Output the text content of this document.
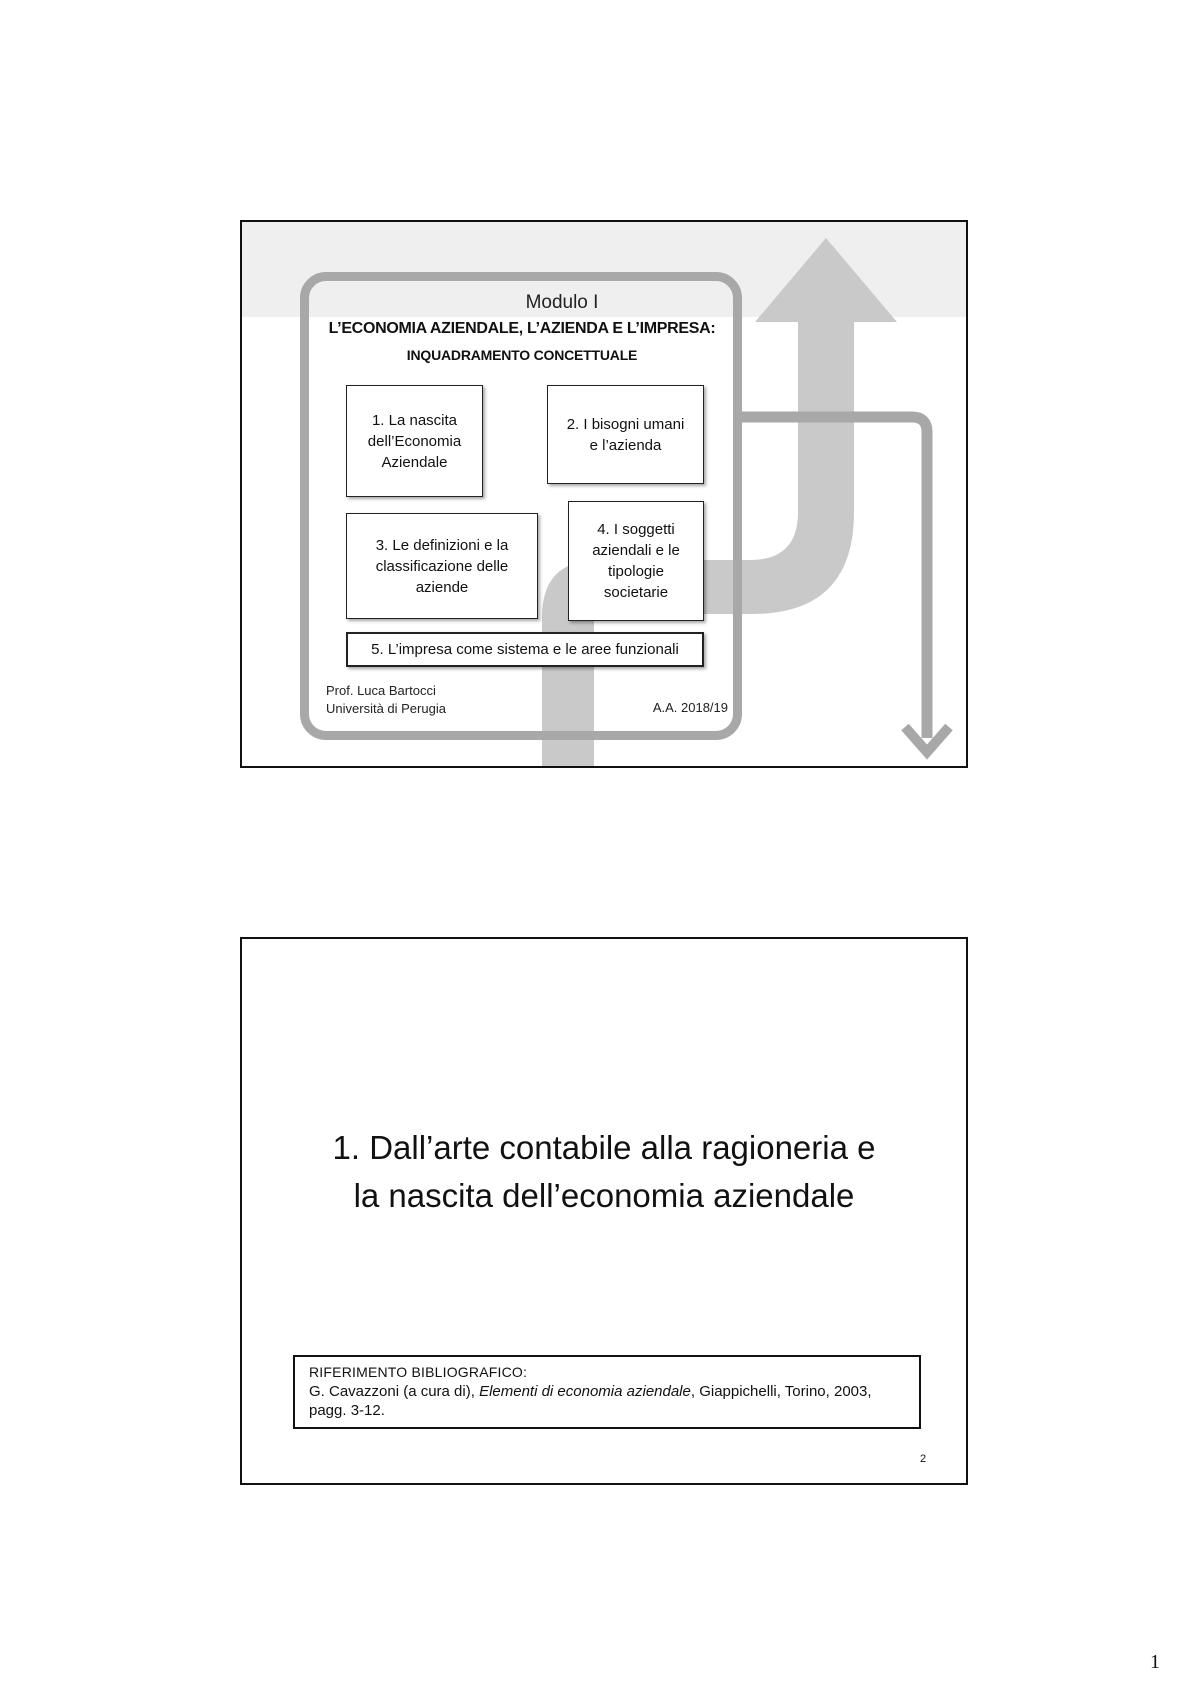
Modulo I
L’ECONOMIA AZIENDALE, L’AZIENDA E L’IMPRESA:
INQUADRAMENTO CONCETTUALE
1. La nascita
dell’Economia
Aziendale
2. I bisogni umani
e l’azienda
3. Le definizioni e la
classificazione delle
aziende
4. I soggetti
aziendali e le
tipologie
societarie
5. L’impresa come sistema e le aree funzionali
Prof. Luca Bartocci
Università di Perugia	A.A. 2018/19
1. Dall’arte contabile alla ragioneria e
la nascita dell’economia aziendale
RIFERIMENTO BIBLIOGRAFICO:
G. Cavazzoni (a cura di), Elementi di economia aziendale, Giappichelli, Torino, 2003, pagg. 3-12.
2
1
